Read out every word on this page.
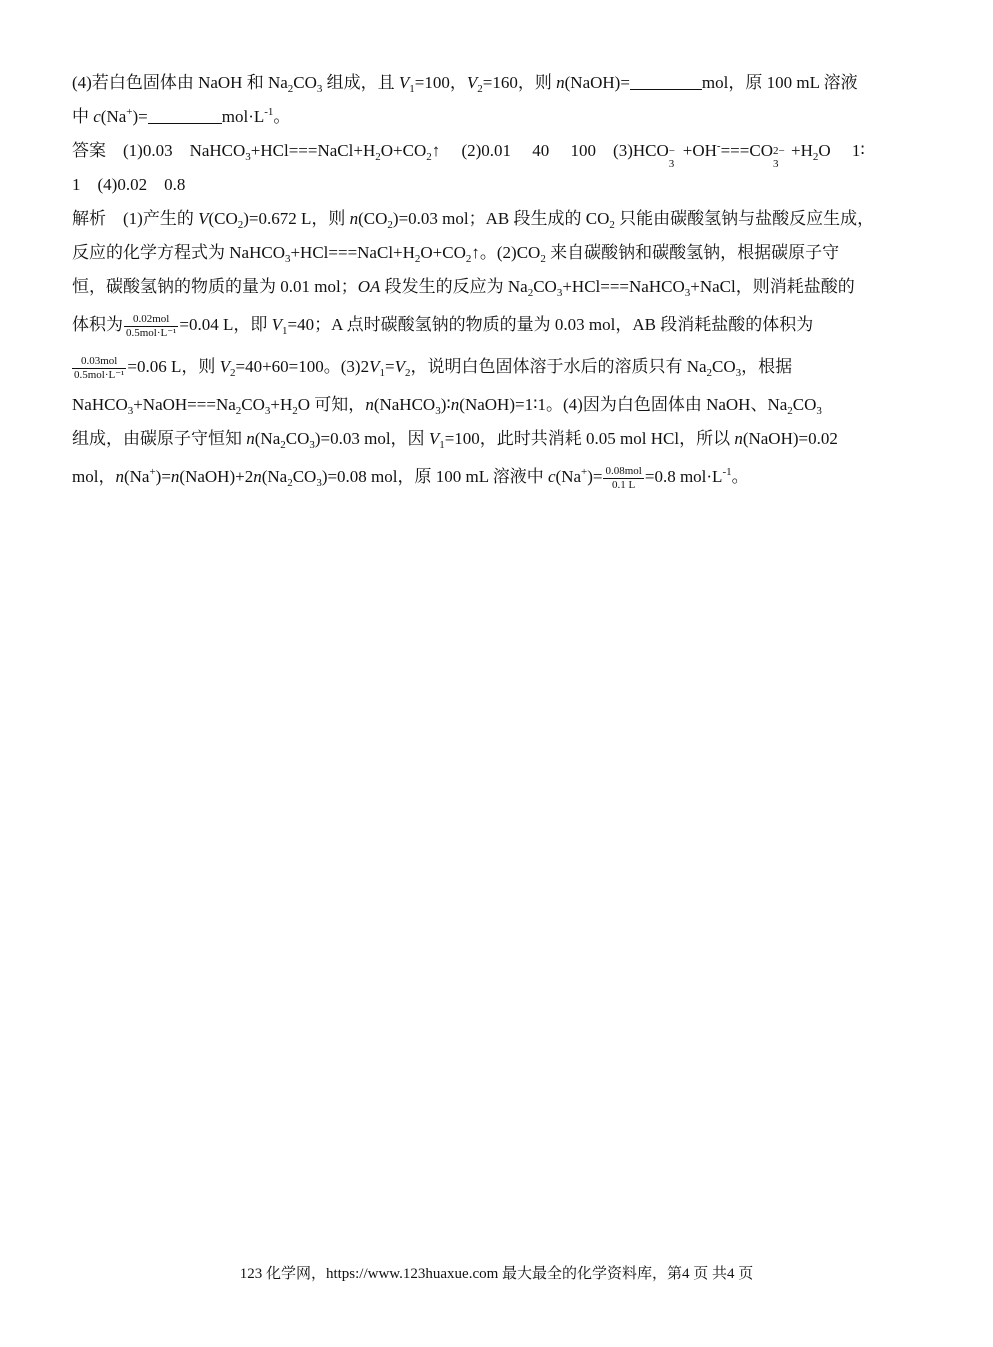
(4)若白色固体由 NaOH 和 $Na_2CO_3$ 组成，且 $V_1=100$，$V_2=160$，则 n(NaOH)=	mol，原 100 mL 溶液
中 c(Na+)=	$mol\cdot L^{-1}$。
答案 (1)0.03 $NaHCO_3+HCl===NaCl+H_2O+CO_2↑$ (2)0.01 40 100 (3)HCO −
3
+OH-===CO 2−
3
$+H_2O$ 1∶
1 (4)0.02 0.8
解析 (1)产生的 $V(CO_2)=0.672$ L，则 $n(CO_2)=0.03$ mol；AB 段生成的 $CO_2$ 只能由碳酸氢钠与盐酸反应生成，
反应的化学方程式为 $NaHCO_3+HCl===NaCl+H_2O+CO_2↑$。$(2)CO_2$ 来自碳酸钠和碳酸氢钠，根据碳原子守
恒，碳酸氢钠的物质的量为 0.01 mol；OA 段发生的反应为 $Na_2CO_3+HCl===NaHCO_3+NaCl$，则消耗盐酸的
体积为 $\frac{\text{0.02mol}}{\text{0.5mol·L⁻¹}} =0.04$ L，即 $V_1=40$；A 点时碳酸氢钠的物质的量为 0.03 mol，AB 段消耗盐酸的体积为
$\frac{\text{0.03mol}}{\text{0.5mol·L⁻¹}} =0.06$ L，则 $V_2=40+60=100$。$(3)2V_1=V_2$，说明白色固体溶于水后的溶质只有 $Na_2CO_3$，根据
$NaHCO_3+NaOH===Na_2CO_3+H_2O$ 可知，n(NaHCO$_3$)∶n(NaOH)=1∶1。(4)因为白色固体由 NaOH、$Na_2CO_3$
组成，由碳原子守恒知 $n(Na_2CO_3)=0.03$ mol，因 $V_1=100$，此时共消耗 0.05 mol HCl，所以 n(NaOH)=0.02
mol，$n(Na^+)=n(NaOH)+2n(Na_2CO_3)=0.08$ mol，原 100 mL 溶液中 $c(Na^+)= \frac{\text{0.08mol}}{0.1 L} =0.8$ $mol\cdot L^{-1}$。
123 化学网，https://www.123huaxue.com 最大最全的化学资料库，第4 页 共4 页
